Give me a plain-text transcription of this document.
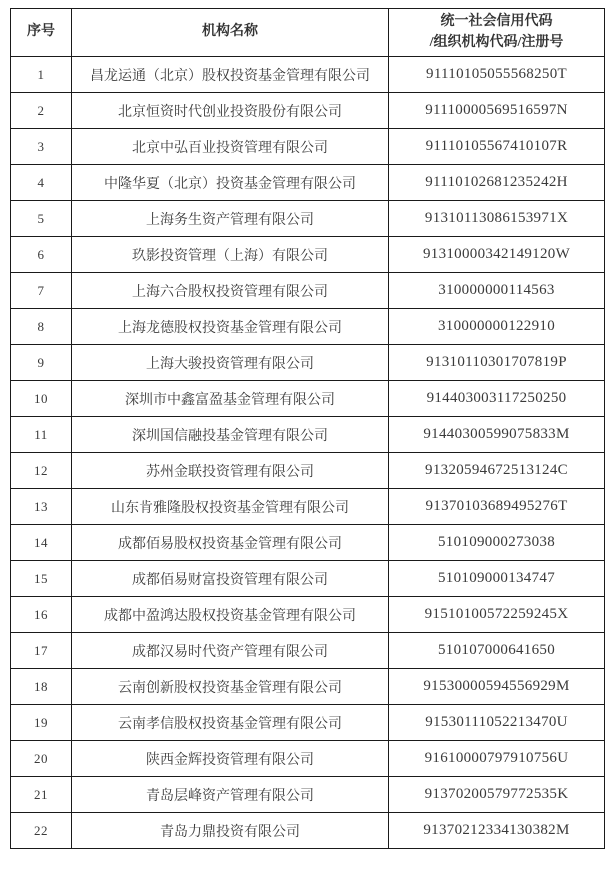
序号	机构名称	统一社会信用代码
/组织机构代码/注册号

1	昌龙运通（北京）股权投资基金管理有限公司	91110105055568250T
2	北京恒资时代创业投资股份有限公司	91110000569516597N
3	北京中弘百业投资管理有限公司	91110105567410107R
4	中隆华夏（北京）投资基金管理有限公司	91110102681235242H
5	上海务生资产管理有限公司	91310113086153971X
6	玖影投资管理（上海）有限公司	91310000342149120W
7	上海六合股权投资管理有限公司	310000000114563
8	上海龙德股权投资基金管理有限公司	310000000122910
9	上海大骏投资管理有限公司	91310110301707819P
10	深圳市中鑫富盈基金管理有限公司	914403003117250250
11	深圳国信融投基金管理有限公司	91440300599075833M
12	苏州金联投资管理有限公司	91320594672513124C
13	山东肯雅隆股权投资基金管理有限公司	91370103689495276T
14	成都佰易股权投资基金管理有限公司	510109000273038
15	成都佰易财富投资管理有限公司	510109000134747
16	成都中盈鸿达股权投资基金管理有限公司	91510100572259245X
17	成都汉易时代资产管理有限公司	510107000641650
18	云南创新股权投资基金管理有限公司	91530000594556929M
19	云南孝信股权投资基金管理有限公司	91530111052213470U
20	陕西金辉投资管理有限公司	91610000797910756U
21	青岛层峰资产管理有限公司	91370200579772535K
22	青岛力鼎投资有限公司	91370212334130382M
